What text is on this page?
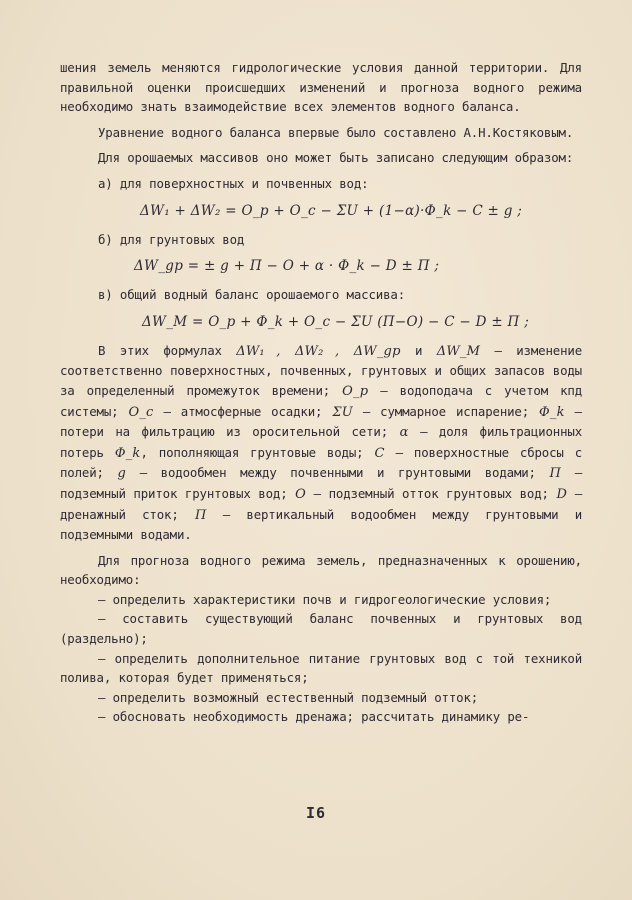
шения земель меняются гидрологические условия данной территории. Для правильной оценки происшедших изменений и прогноза водного режима необходимо знать взаимодействие всех элементов водного баланса.

Уравнение водного баланса впервые было составлено А.Н.Костяковым.

Для орошаемых массивов оно может быть записано следующим образом:

а) для поверхностных и почвенных вод:

ΔW₁ + ΔW₂ = O_p + O_c − ΣU + (1−α)·Φ_k − C ± g ;

б) для грунтовых вод

ΔW_gp = ± g + П − O + α · Φ_k − D ± Π ;

в) общий водный баланс орошаемого массива:

ΔW_M = O_p + Φ_k + O_c − ΣU (П−O) − C − D ± Π ;

В этих формулах ΔW₁ , ΔW₂ , ΔW_gp и ΔW_M – изменение соответственно поверхностных, почвенных, грунтовых и общих запасов воды за определенный промежуток времени; O_p – водоподача с учетом кпд системы; O_c – атмосферные осадки; ΣU – суммарное испарение; Φ_k – потери на фильтрацию из оросительной сети; α – доля фильтрационных потерь Φ_k, пополняющая грунтовые воды; C – поверхностные сбросы с полей; g – водообмен между почвенными и грунтовыми водами; П – подземный приток грунтовых вод; O – подземный отток грунтовых вод; D – дренажный сток; Π – вертикальный водообмен между грунтовыми и подземными водами.

Для прогноза водного режима земель, предназначенных к орошению, необходимо:

– определить характеристики почв и гидрогеологические условия;

– составить существующий баланс почвенных и грунтовых вод (раздельно);

– определить дополнительное питание грунтовых вод с той техникой полива, которая будет применяться;

– определить возможный естественный подземный отток;

– обосновать необходимость дренажа; рассчитать динамику ре-

I6
